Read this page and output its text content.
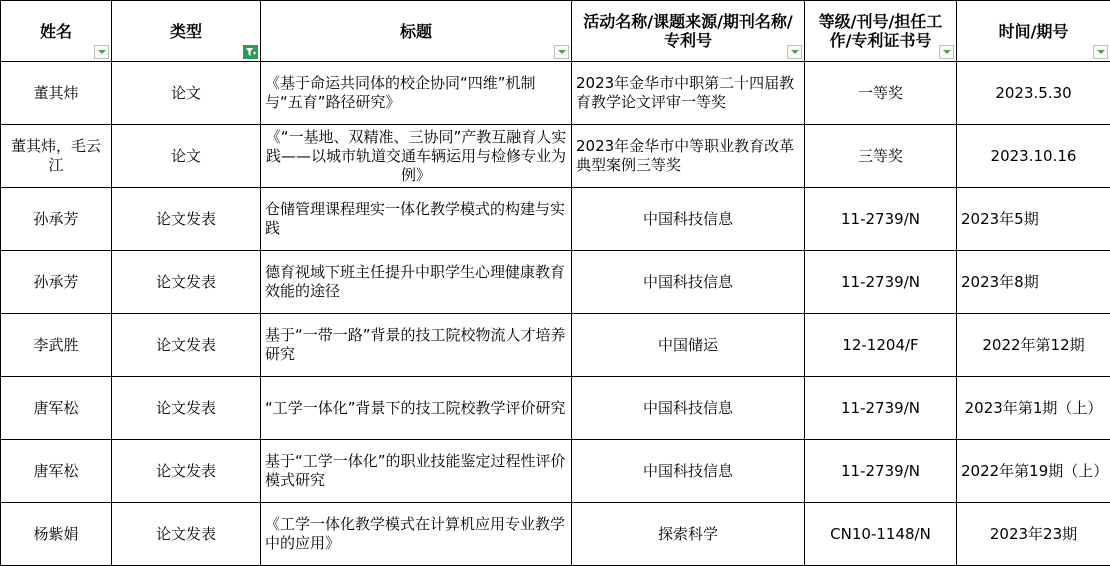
姓名	类型	标题	活动名称/课题来源/期刊名称/专利号	等级/刊号/担任工作/专利证书号	时间/期号

董其炜	论文	《基于命运共同体的校企协同“四维”机制与“五育”路径研究》	2023年金华市中职第二十四届教育教学论文评审一等奖	一等奖	2023.5.30
董其炜，毛云江	论文	《“一基地、双精准、三协同”产教互融育人实践——以城市轨道交通车辆运用与检修专业为例》	2023年金华市中等职业教育改革典型案例三等奖	三等奖	2023.10.16
孙承芳	论文发表	仓储管理课程理实一体化教学模式的构建与实践	中国科技信息	11-2739/N	2023年5期
孙承芳	论文发表	德育视域下班主任提升中职学生心理健康教育效能的途径	中国科技信息	11-2739/N	2023年8期
李武胜	论文发表	基于“一带一路”背景的技工院校物流人才培养研究	中国储运	12-1204/F	2022年第12期
唐军松	论文发表	“工学一体化”背景下的技工院校教学评价研究	中国科技信息	11-2739/N	2023年第1期（上）
唐军松	论文发表	基于“工学一体化”的职业技能鉴定过程性评价模式研究	中国科技信息	11-2739/N	2022年第19期（上）
杨紫娟	论文发表	《工学一体化教学模式在计算机应用专业教学中的应用》	探索科学	CN10-1148/N	2023年23期
